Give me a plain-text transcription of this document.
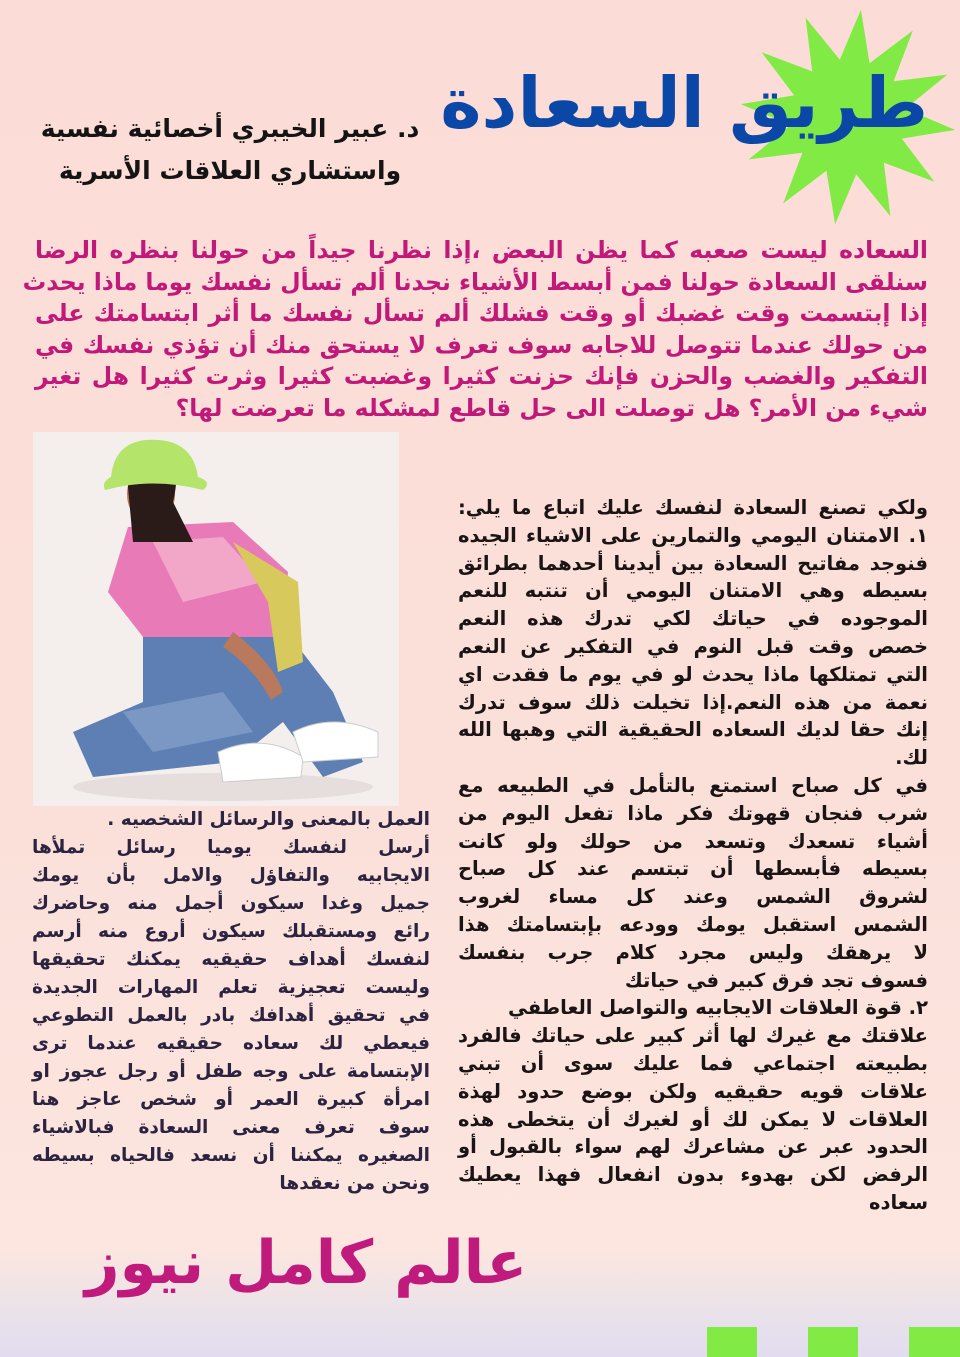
طريق السعادة
د. عبير الخيبري أخصائية نفسية
واستشاري العلاقات الأسرية
السعاده ليست صعبه كما يظن البعض ،إذا نظرنا جيداً من حولنا بنظره الرضا
سنلقى السعادة حولنا فمن أبسط الأشياء نجدنا ألم تسأل نفسك يوما ماذا يحدث
إذا إبتسمت وقت غضبك أو وقت فشلك ألم تسأل نفسك ما أثر ابتسامتك على
من حولك عندما تتوصل للاجابه سوف تعرف لا يستحق منك أن تؤذي نفسك في
التفكير والغضب والحزن فإنك حزنت كثيرا وغضبت كثيرا وثرت كثيرا هل تغير
شيء من الأمر؟ هل توصلت الى حل قاطع لمشكله ما تعرضت لها؟
ولكي تصنع السعادة لنفسك عليك اتباع ما يلي:
١. الامتنان اليومي والتمارين على الاشياء الجيده
فنوجد مفاتيح السعادة بين أيدينا أحدهما بطرائق
بسيطه وهي الامتنان اليومي أن تنتبه للنعم
الموجوده في حياتك لكي تدرك هذه النعم
خصص وقت قبل النوم في التفكير عن النعم
التي تمتلكها ماذا يحدث لو في يوم ما فقدت اي
نعمة من هذه النعم.إذا تخيلت ذلك سوف تدرك
إنك حقا لديك السعاده الحقيقية التي وهبها الله
لك.
في كل صباح استمتع بالتأمل في الطبيعه مع
شرب فنجان قهوتك فكر ماذا تفعل اليوم من
أشياء تسعدك وتسعد من حولك ولو كانت
بسيطه فأبسطها أن تبتسم عند كل صباح
لشروق الشمس وعند كل مساء لغروب
الشمس استقبل يومك وودعه بإبتسامتك هذا
لا يرهقك وليس مجرد كلام جرب بنفسك
فسوف تجد فرق كبير في حياتك
٢. قوة العلاقات الايجابيه والتواصل العاطفي
علاقتك مع غيرك لها أثر كبير على حياتك فالفرد
بطبيعته اجتماعي فما عليك سوى أن تبني
علاقات قويه حقيقيه ولكن بوضع حدود لهذة
العلاقات لا يمكن لك أو لغيرك أن يتخطى هذه
الحدود عبر عن مشاعرك لهم سواء بالقبول أو
الرفض لكن بهدوء بدون انفعال فهذا يعطيك
سعاده
العمل بالمعنى والرسائل الشخصيه .
أرسل لنفسك يوميا رسائل تملأها
الايجابيه والتفاؤل والامل بأن يومك
جميل وغدا سيكون أجمل منه وحاضرك
رائع ومستقبلك سيكون أروع منه أرسم
لنفسك أهداف حقيقيه يمكنك تحقيقها
وليست تعجيزية تعلم المهارات الجديدة
في تحقيق أهدافك بادر بالعمل التطوعي
فيعطي لك سعاده حقيقيه عندما ترى
الإبتسامة على وجه طفل أو رجل عجوز او
امرأة كبيرة العمر أو شخص عاجز هنا
سوف تعرف معنى السعادة فبالاشياء
الصغيره يمكننا أن نسعد فالحياه بسيطه
ونحن من نعقدها
عالم كامل نيوز
